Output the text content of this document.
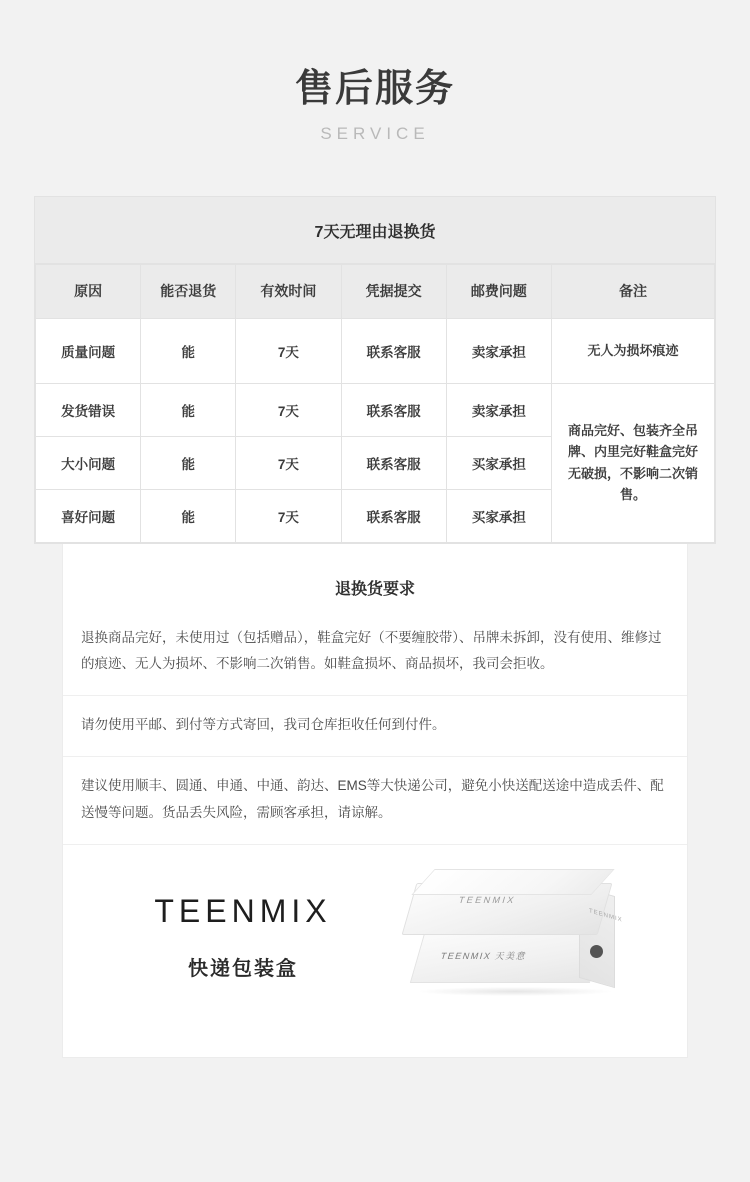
售后服务
SERVICE
7天无理由退换货
原因	能否退货	有效时间	凭据提交	邮费问题	备注
质量问题	能	7天	联系客服	卖家承担	无人为损坏痕迹
发货错误	能	7天	联系客服	卖家承担	商品完好、包装齐全吊牌、内里完好鞋盒完好无破损，不影响二次销售。
大小问题	能	7天	联系客服	买家承担	
喜好问题	能	7天	联系客服	买家承担	
退换货要求
退换商品完好，未使用过（包括赠品），鞋盒完好（不要缠胶带）、吊牌未拆卸，没有使用、维修过的痕迹、无人为损坏、不影响二次销售。如鞋盒损坏、商品损坏，我司会拒收。
请勿使用平邮、到付等方式寄回，我司仓库拒收任何到付件。
建议使用顺丰、圆通、申通、中通、韵达、EMS等大快递公司，避免小快送配送途中造成丢件、配送慢等问题。货品丢失风险，需顾客承担，请谅解。
TEENMIX
快递包装盒
TEENMIX
TEENMIX 天美意
TEENMIX
